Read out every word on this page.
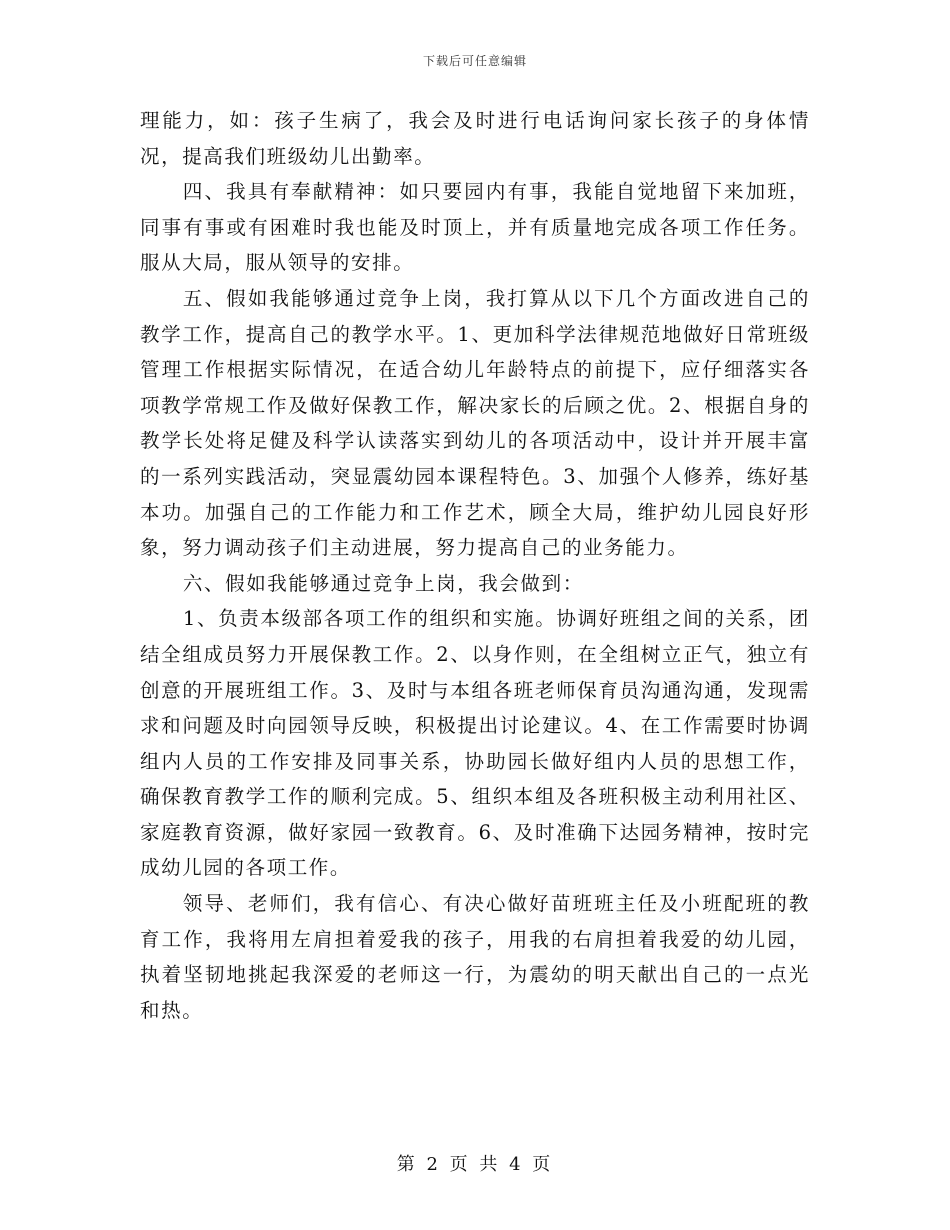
下载后可任意编辑

理能力，如：孩子生病了，我会及时进行电话询问家长孩子的身体情况，提高我们班级幼儿出勤率。

四、我具有奉献精神：如只要园内有事，我能自觉地留下来加班，同事有事或有困难时我也能及时顶上，并有质量地完成各项工作任务。服从大局，服从领导的安排。

五、假如我能够通过竞争上岗，我打算从以下几个方面改进自己的教学工作，提高自己的教学水平。1、更加科学法律规范地做好日常班级管理工作根据实际情况，在适合幼儿年龄特点的前提下，应仔细落实各项教学常规工作及做好保教工作，解决家长的后顾之优。2、根据自身的教学长处将足健及科学认读落实到幼儿的各项活动中，设计并开展丰富的一系列实践活动，突显震幼园本课程特色。3、加强个人修养，练好基本功。加强自己的工作能力和工作艺术，顾全大局，维护幼儿园良好形象，努力调动孩子们主动进展，努力提高自己的业务能力。

六、假如我能够通过竞争上岗，我会做到：

1、负责本级部各项工作的组织和实施。协调好班组之间的关系，团结全组成员努力开展保教工作。2、以身作则，在全组树立正气，独立有创意的开展班组工作。3、及时与本组各班老师保育员沟通沟通，发现需求和问题及时向园领导反映，积极提出讨论建议。4、在工作需要时协调组内人员的工作安排及同事关系，协助园长做好组内人员的思想工作，确保教育教学工作的顺利完成。5、组织本组及各班积极主动利用社区、家庭教育资源，做好家园一致教育。6、及时准确下达园务精神，按时完成幼儿园的各项工作。

领导、老师们，我有信心、有决心做好苗班班主任及小班配班的教育工作，我将用左肩担着爱我的孩子，用我的右肩担着我爱的幼儿园，执着坚韧地挑起我深爱的老师这一行，为震幼的明天献出自己的一点光和热。

第 2 页 共 4 页
